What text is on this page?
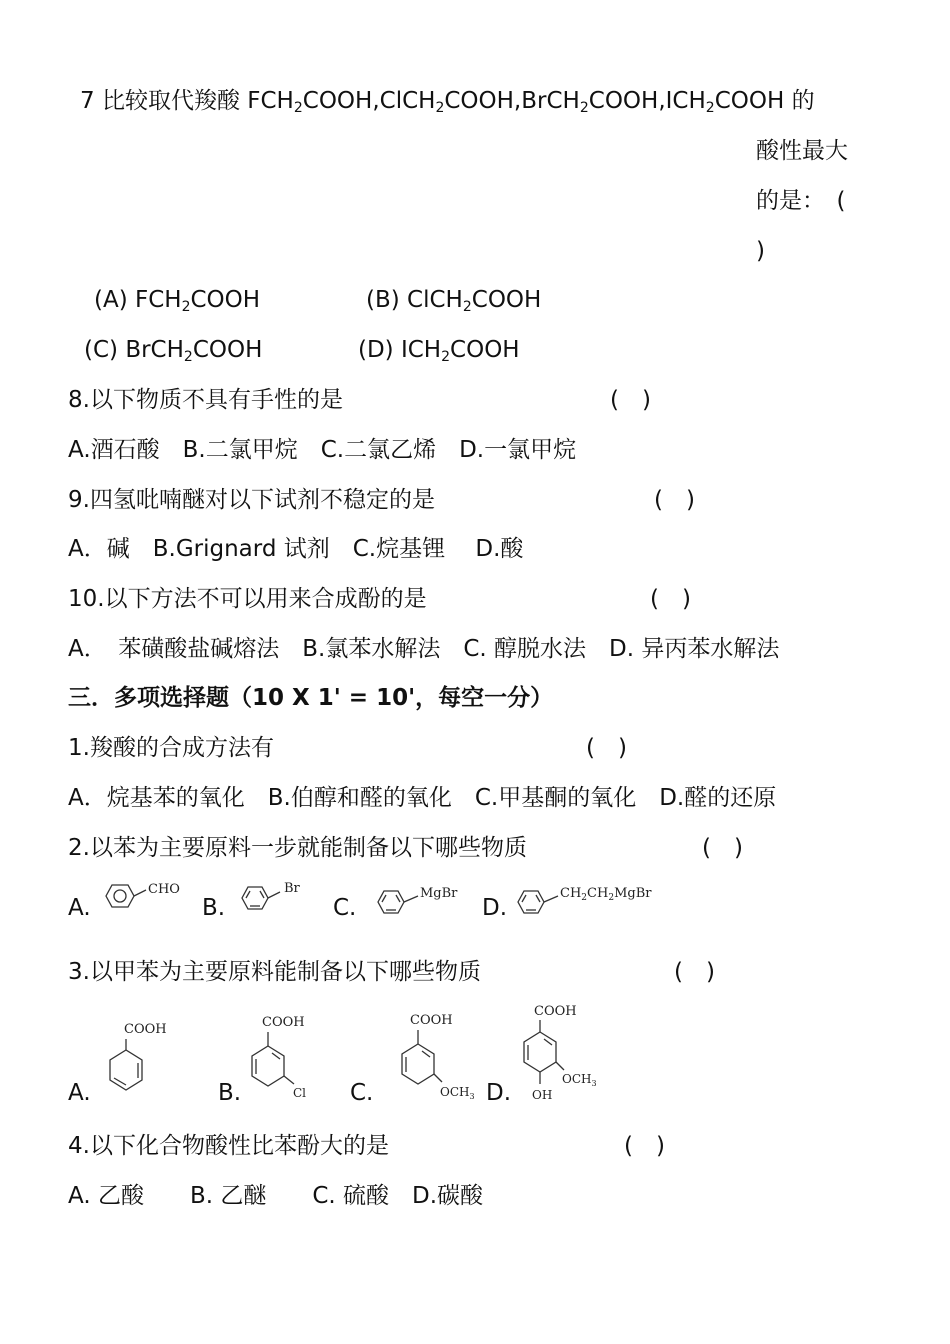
7 比较取代羧酸 $FCH_2COOH,ClCH_2COOH,BrCH_2COOH,ICH_2COOH$ 的
酸性最大
的是：　(
)
(A) $FCH_2COOH$	(B) ClCH$_2$COOH
(C) BrCH$_2$COOH	(D) $ICH_2COOH$
8.以下物质不具有手性的是	(　)
A.酒石酸　B.二氯甲烷　C.二氯乙烯　D.一氯甲烷
9.四氢吡喃醚对以下试剂不稳定的是	(　)
A．碱　B.Grignard 试剂　C.烷基锂　 D.酸
10.以下方法不可以用来合成酚的是	(　)
A．　苯磺酸盐碱熔法　B.氯苯水解法　C. 醇脱水法　D. 异丙苯水解法
三．多项选择题（10 X 1' = 10'，每空一分）
1.羧酸的合成方法有	(　)
A．烷基苯的氧化　B.伯醇和醛的氧化　C.甲基酮的氧化　D.醛的还原
2.以苯为主要原料一步就能制备以下哪些物质	(　)
A.	B.	C.	D.
CHO	Br	MgBr	$CH_2CH_2MgBr$
3.以甲苯为主要原料能制备以下哪些物质	(　)
A.	B.	C.	D.
COOH	COOH
Cl
COOH
$OCH_3$
COOH
$OCH_3$
OH
4.以下化合物酸性比苯酚大的是	(　)
A. 乙酸　　B. 乙醚　　C. 硫酸　D.碳酸
